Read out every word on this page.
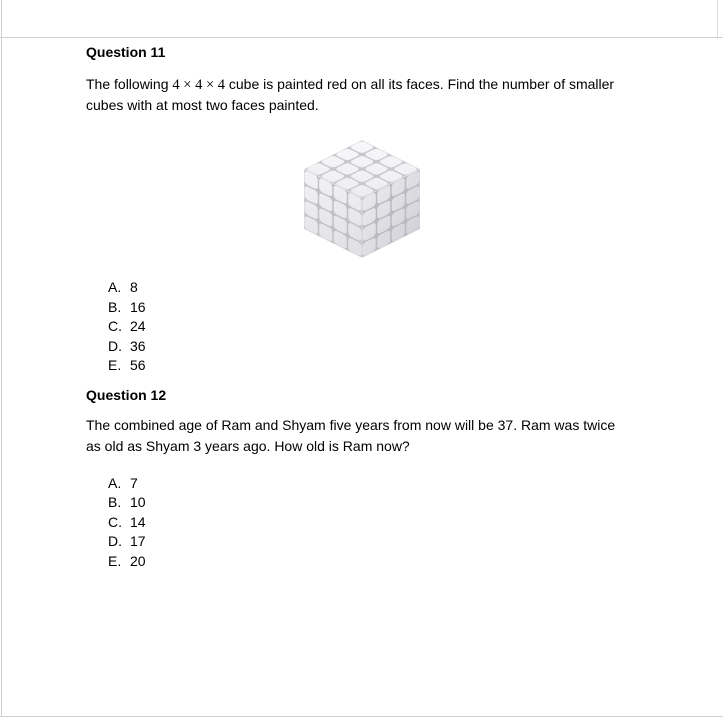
Question 11
The following 4 × 4 × 4 cube is painted red on all its faces. Find the number of smaller
cubes with at most two faces painted.
A. 8
B. 16
C. 24
D. 36
E. 56
Question 12
The combined age of Ram and Shyam five years from now will be 37. Ram was twice
as old as Shyam 3 years ago. How old is Ram now?
A. 7
B. 10
C. 14
D. 17
E. 20
